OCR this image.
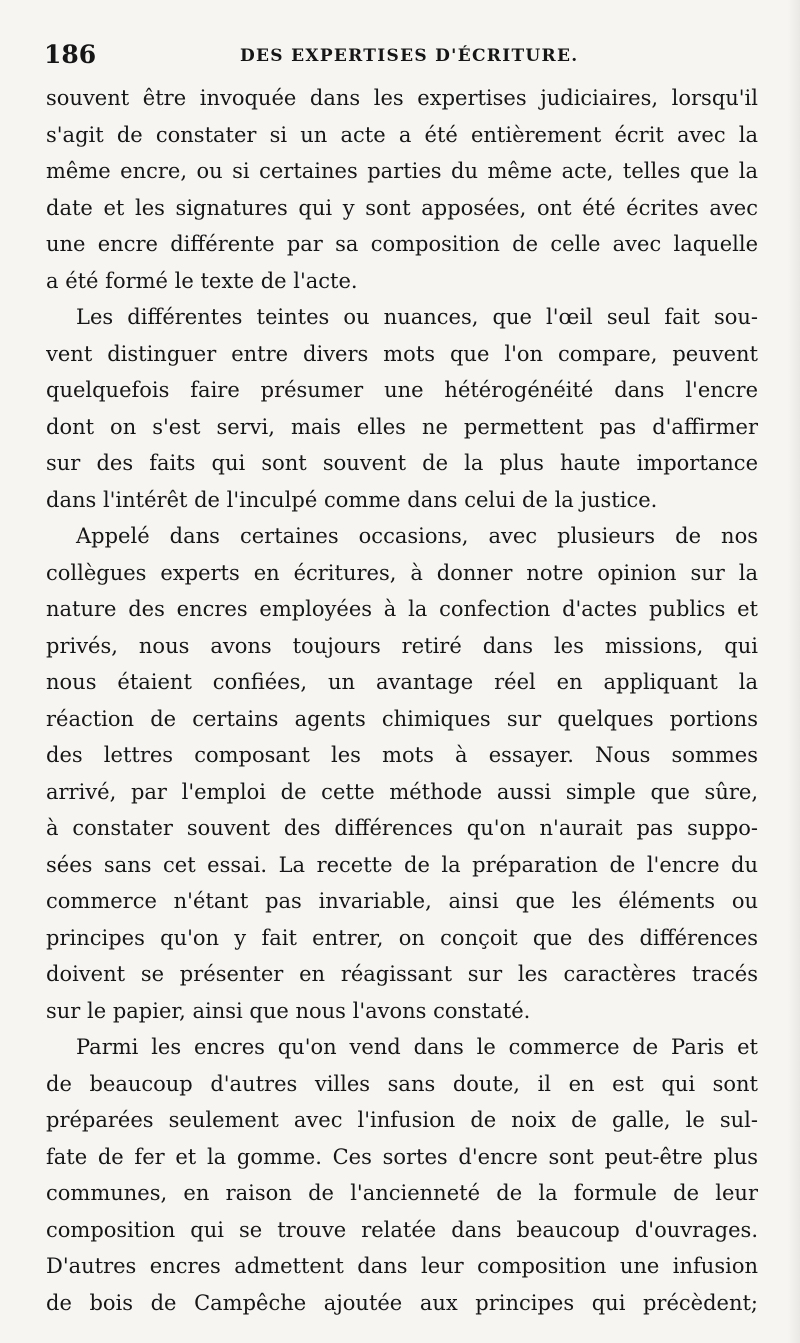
186	DES EXPERTISES D'ÉCRITURE.
souvent être invoquée dans les expertises judiciaires, lorsqu'il
s'agit de constater si un acte a été entièrement écrit avec la
même encre, ou si certaines parties du même acte, telles que la
date et les signatures qui y sont apposées, ont été écrites avec
une encre différente par sa composition de celle avec laquelle
a été formé le texte de l'acte.
Les différentes teintes ou nuances, que l'œil seul fait sou-
vent distinguer entre divers mots que l'on compare, peuvent
quelquefois faire présumer une hétérogénéité dans l'encre
dont on s'est servi, mais elles ne permettent pas d'affirmer
sur des faits qui sont souvent de la plus haute importance
dans l'intérêt de l'inculpé comme dans celui de la justice.
Appelé dans certaines occasions, avec plusieurs de nos
collègues experts en écritures, à donner notre opinion sur la
nature des encres employées à la confection d'actes publics et
privés, nous avons toujours retiré dans les missions, qui
nous étaient confiées, un avantage réel en appliquant la
réaction de certains agents chimiques sur quelques portions
des lettres composant les mots à essayer. Nous sommes
arrivé, par l'emploi de cette méthode aussi simple que sûre,
à constater souvent des différences qu'on n'aurait pas suppo-
sées sans cet essai. La recette de la préparation de l'encre du
commerce n'étant pas invariable, ainsi que les éléments ou
principes qu'on y fait entrer, on conçoit que des différences
doivent se présenter en réagissant sur les caractères tracés
sur le papier, ainsi que nous l'avons constaté.
Parmi les encres qu'on vend dans le commerce de Paris et
de beaucoup d'autres villes sans doute, il en est qui sont
préparées seulement avec l'infusion de noix de galle, le sul-
fate de fer et la gomme. Ces sortes d'encre sont peut-être plus
communes, en raison de l'ancienneté de la formule de leur
composition qui se trouve relatée dans beaucoup d'ouvrages.
D'autres encres admettent dans leur composition une infusion
de bois de Campêche ajoutée aux principes qui précèdent;
